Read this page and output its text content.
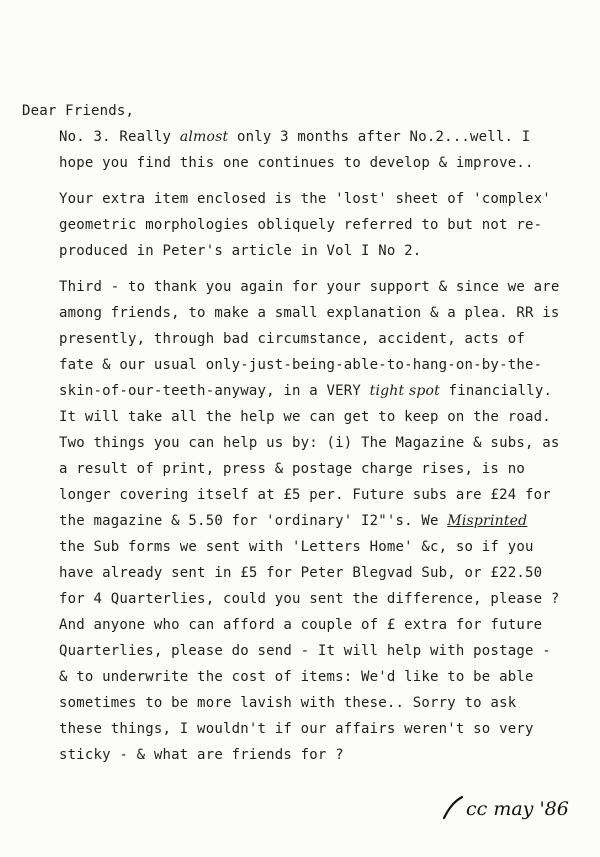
Dear Friends,
No. 3. Really almost only 3 months after No.2...well. I
hope you find this one continues to develop & improve..
Your extra item enclosed is the 'lost' sheet of 'complex'
geometric morphologies obliquely referred to but not re-
produced in Peter's article in Vol I No 2.
Third - to thank you again for your support & since we are
among friends, to make a small explanation & a plea. RR is
presently, through bad circumstance, accident, acts of
fate & our usual only-just-being-able-to-hang-on-by-the-
skin-of-our-teeth-anyway, in a VERY tight spot financially.
It will take all the help we can get to keep on the road.
Two things you can help us by: (i) The Magazine & subs, as
a result of print, press & postage charge rises, is no
longer covering itself at £5 per. Future subs are £24 for
the magazine & 5.50 for 'ordinary' I2"'s. We Misprinted
the Sub forms we sent with 'Letters Home' &c, so if you
have already sent in £5 for Peter Blegvad Sub, or £22.50
for 4 Quarterlies, could you sent the difference, please ?
And anyone who can afford a couple of £ extra for future
Quarterlies, please do send - It will help with postage -
& to underwrite the cost of items: We'd like to be able
sometimes to be more lavish with these.. Sorry to ask
these things, I wouldn't if our affairs weren't so very
sticky - & what are friends for ?
cc may '86
